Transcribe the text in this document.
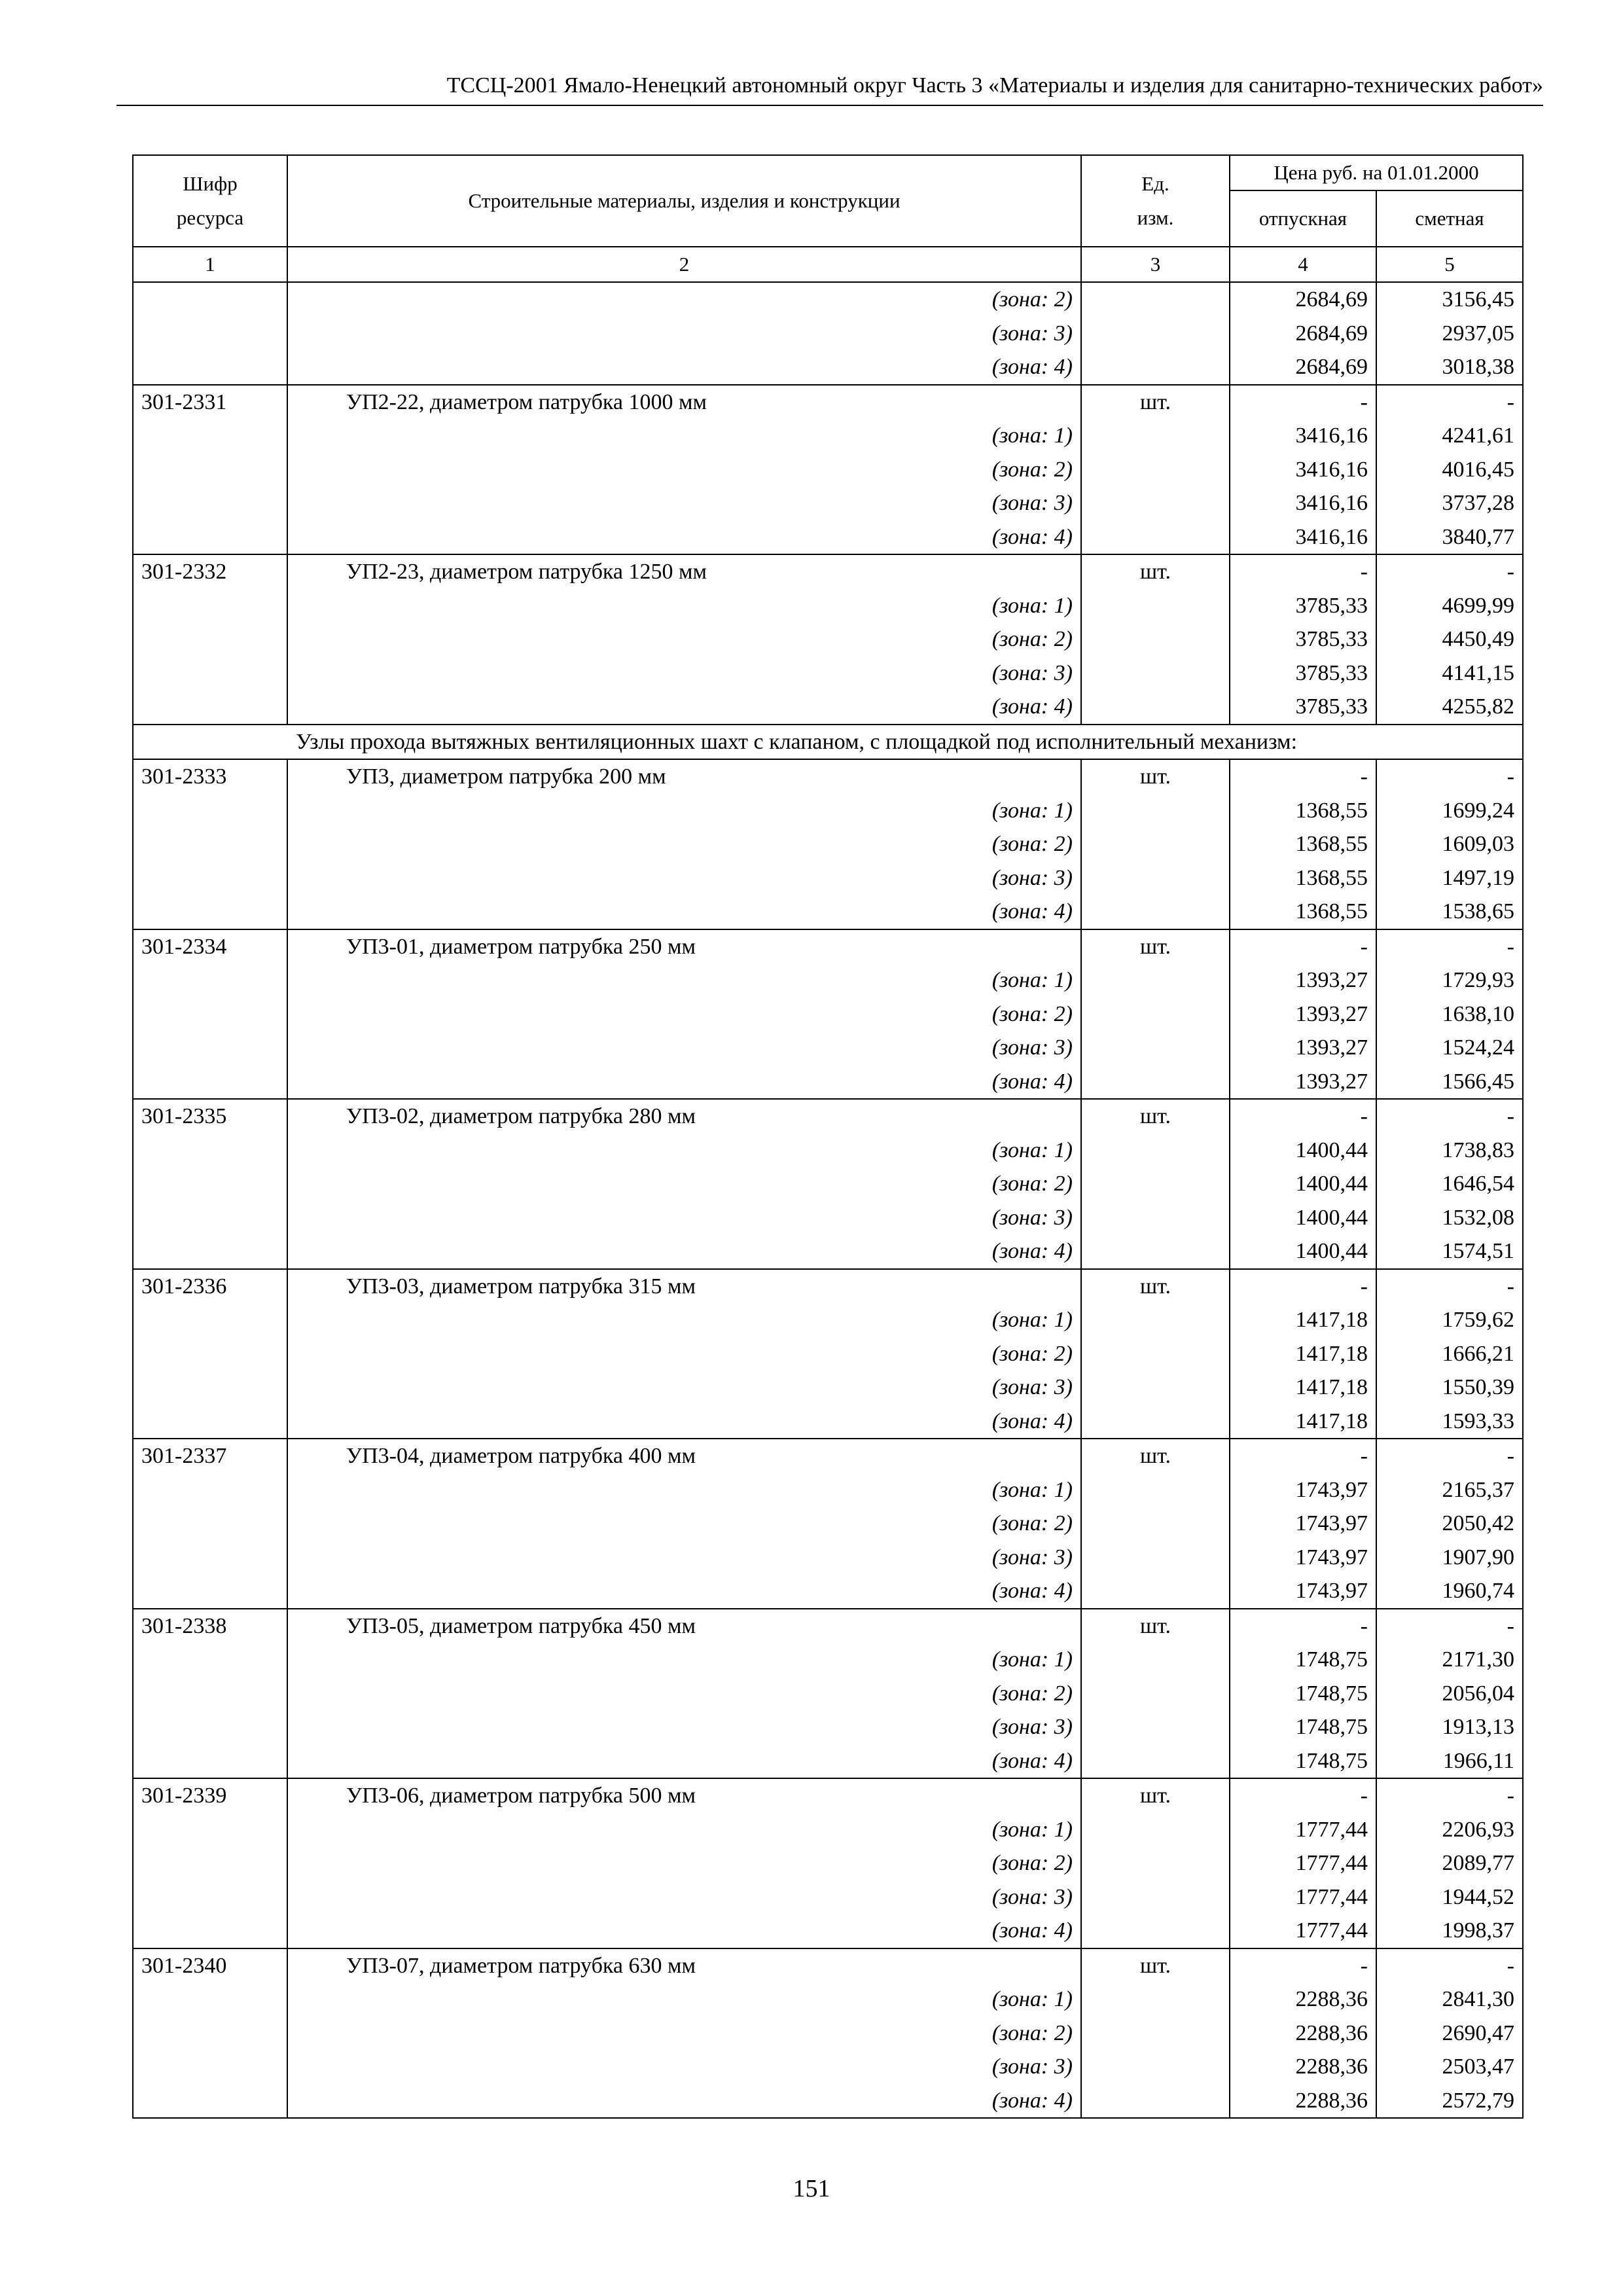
ТССЦ-2001 Ямало-Ненецкий автономный округ Часть 3 «Материалы и изделия для санитарно-технических работ»
Шифр ресурса	Строительные материалы, изделия и конструкции	Ед. изм.	Цена руб. на 01.01.2000	
			отпускная	сметная
1	2	3	4	5
	(зона: 2)		2684,69	3156,45
	(зона: 3)		2684,69	2937,05
	(зона: 4)		2684,69	3018,38
301-2331	УП2-22, диаметром патрубка 1000 мм	шт.	-	-
	(зона: 1)		3416,16	4241,61
	(зона: 2)		3416,16	4016,45
	(зона: 3)		3416,16	3737,28
	(зона: 4)		3416,16	3840,77
301-2332	УП2-23, диаметром патрубка 1250 мм	шт.	-	-
	(зона: 1)		3785,33	4699,99
	(зона: 2)		3785,33	4450,49
	(зона: 3)		3785,33	4141,15
	(зона: 4)		3785,33	4255,82
Узлы прохода вытяжных вентиляционных шахт с клапаном, с площадкой под исполнительный механизм:				
301-2333	УП3, диаметром патрубка 200 мм	шт.	-	-
	(зона: 1)		1368,55	1699,24
	(зона: 2)		1368,55	1609,03
	(зона: 3)		1368,55	1497,19
	(зона: 4)		1368,55	1538,65
301-2334	УП3-01, диаметром патрубка 250 мм	шт.	-	-
	(зона: 1)		1393,27	1729,93
	(зона: 2)		1393,27	1638,10
	(зона: 3)		1393,27	1524,24
	(зона: 4)		1393,27	1566,45
301-2335	УП3-02, диаметром патрубка 280 мм	шт.	-	-
	(зона: 1)		1400,44	1738,83
	(зона: 2)		1400,44	1646,54
	(зона: 3)		1400,44	1532,08
	(зона: 4)		1400,44	1574,51
301-2336	УП3-03, диаметром патрубка 315 мм	шт.	-	-
	(зона: 1)		1417,18	1759,62
	(зона: 2)		1417,18	1666,21
	(зона: 3)		1417,18	1550,39
	(зона: 4)		1417,18	1593,33
301-2337	УП3-04, диаметром патрубка 400 мм	шт.	-	-
	(зона: 1)		1743,97	2165,37
	(зона: 2)		1743,97	2050,42
	(зона: 3)		1743,97	1907,90
	(зона: 4)		1743,97	1960,74
301-2338	УП3-05, диаметром патрубка 450 мм	шт.	-	-
	(зона: 1)		1748,75	2171,30
	(зона: 2)		1748,75	2056,04
	(зона: 3)		1748,75	1913,13
	(зона: 4)		1748,75	1966,11
301-2339	УП3-06, диаметром патрубка 500 мм	шт.	-	-
	(зона: 1)		1777,44	2206,93
	(зона: 2)		1777,44	2089,77
	(зона: 3)		1777,44	1944,52
	(зона: 4)		1777,44	1998,37
301-2340	УП3-07, диаметром патрубка 630 мм	шт.	-	-
	(зона: 1)		2288,36	2841,30
	(зона: 2)		2288,36	2690,47
	(зона: 3)		2288,36	2503,47
	(зона: 4)		2288,36	2572,79
151
